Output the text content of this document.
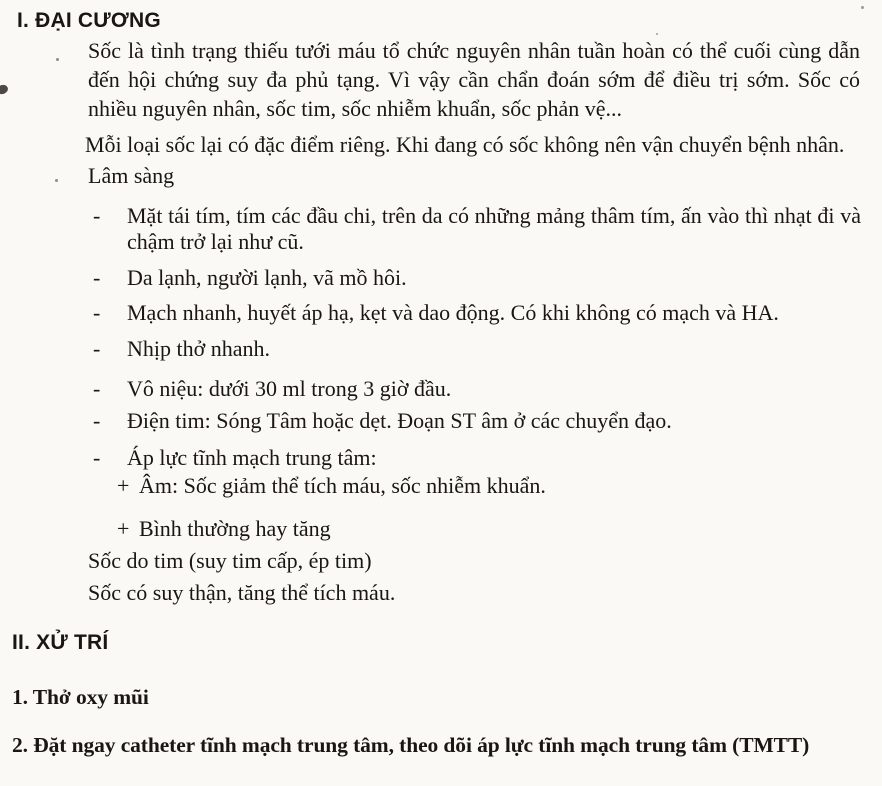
I. ĐẠI CƯƠNG

Sốc là tình trạng thiếu tưới máu tổ chức nguyên nhân tuần hoàn có thể cuối cùng dẫn đến hội chứng suy đa phủ tạng. Vì vậy cần chẩn đoán sớm để điều trị sớm. Sốc có nhiều nguyên nhân, sốc tim, sốc nhiễm khuẩn, sốc phản vệ...

Mỗi loại sốc lại có đặc điểm riêng. Khi đang có sốc không nên vận chuyển bệnh nhân.

Lâm sàng

- Mặt tái tím, tím các đầu chi, trên da có những mảng thâm tím, ấn vào thì nhạt đi và chậm trở lại như cũ.
- Da lạnh, người lạnh, vã mồ hôi.
- Mạch nhanh, huyết áp hạ, kẹt và dao động. Có khi không có mạch và HA.
- Nhịp thở nhanh.
- Vô niệu: dưới 30 ml trong 3 giờ đầu.
- Điện tim: Sóng Tâm hoặc dẹt. Đoạn ST âm ở các chuyển đạo.
- Áp lực tĩnh mạch trung tâm:
+ Âm: Sốc giảm thể tích máu, sốc nhiễm khuẩn.
+ Bình thường hay tăng

Sốc do tim (suy tim cấp, ép tim)

Sốc có suy thận, tăng thể tích máu.

II. XỬ TRÍ

1. Thở oxy mũi

2. Đặt ngay catheter tĩnh mạch trung tâm, theo dõi áp lực tĩnh mạch trung tâm (TMTT)
